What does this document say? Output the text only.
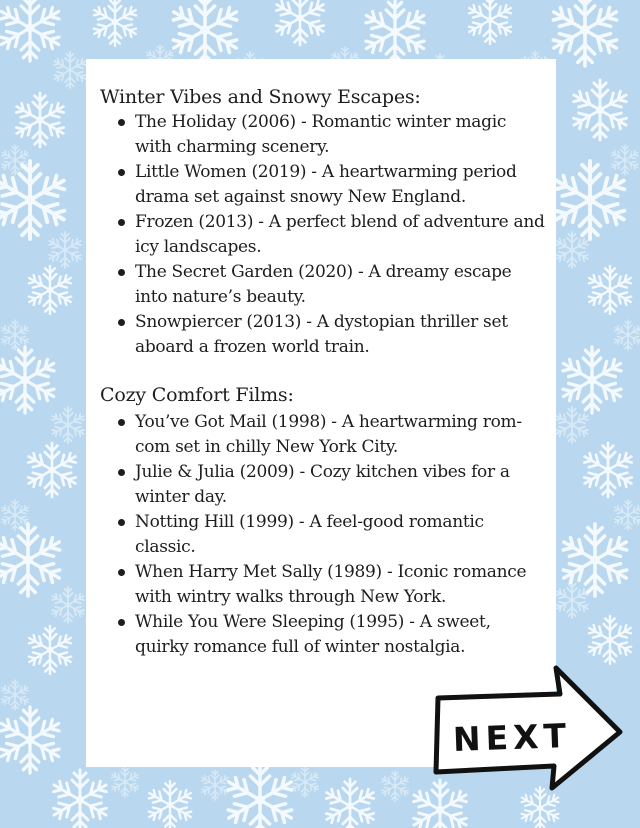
Winter Vibes and Snowy Escapes:
The Holiday (2006) - Romantic winter magic with charming scenery.
Little Women (2019) - A heartwarming period drama set against snowy New England.
Frozen (2013) - A perfect blend of adventure and icy landscapes.
The Secret Garden (2020) - A dreamy escape into nature’s beauty.
Snowpiercer (2013) - A dystopian thriller set aboard a frozen world train.
Cozy Comfort Films:
You’ve Got Mail (1998) - A heartwarming rom-com set in chilly New York City.
Julie & Julia (2009) - Cozy kitchen vibes for a winter day.
Notting Hill (1999) - A feel-good romantic classic.
When Harry Met Sally (1989) - Iconic romance with wintry walks through New York.
While You Were Sleeping (1995) - A sweet, quirky romance full of winter nostalgia.
NEXT
